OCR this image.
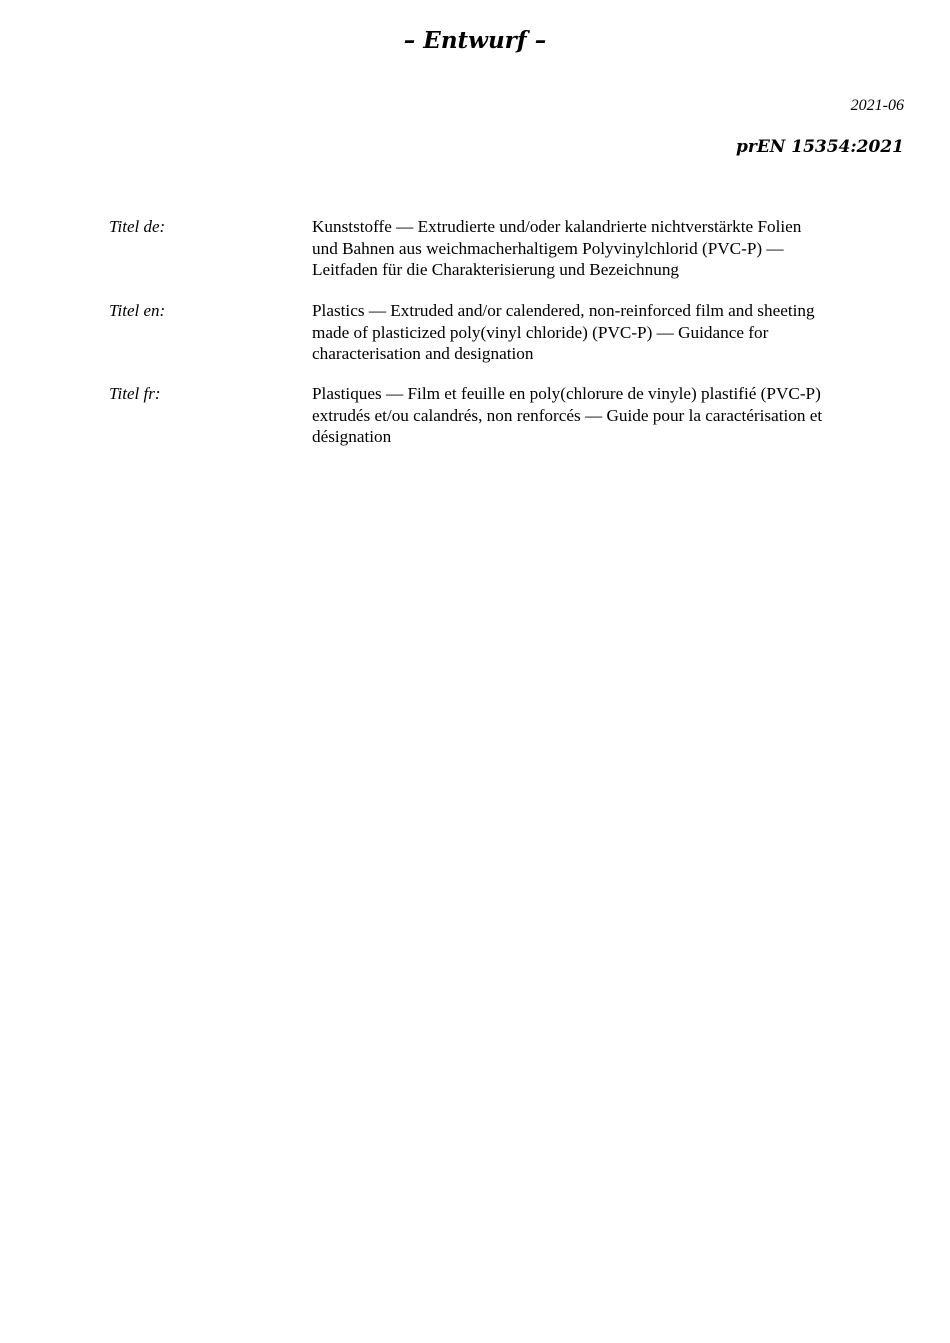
– Entwurf –
2021-06
prEN 15354:2021
Titel de:	Kunststoffe — Extrudierte und/oder kalandrierte nichtverstärkte Folien
und Bahnen aus weichmacherhaltigem Polyvinylchlorid (PVC-P) —
Leitfaden für die Charakterisierung und Bezeichnung
Titel en:	Plastics — Extruded and/or calendered, non-reinforced film and sheeting
made of plasticized poly(vinyl chloride) (PVC-P) — Guidance for
characterisation and designation
Titel fr:	Plastiques — Film et feuille en poly(chlorure de vinyle) plastifié (PVC-P)
extrudés et/ou calandrés, non renforcés — Guide pour la caractérisation et
désignation
